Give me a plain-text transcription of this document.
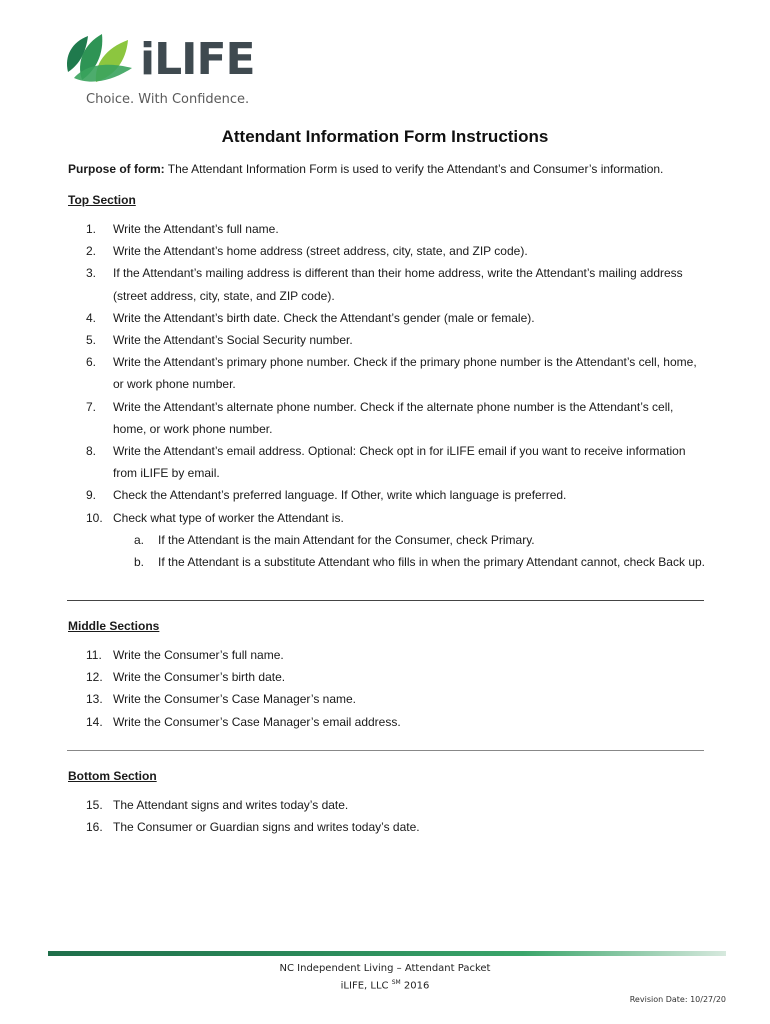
iLIFE
Choice. With Confidence.
Attendant Information Form Instructions
Purpose of form: The Attendant Information Form is used to verify the Attendant’s and Consumer’s information.
Top Section
1.	Write the Attendant’s full name.
2.	Write the Attendant’s home address (street address, city, state, and ZIP code).
3.	If the Attendant’s mailing address is different than their home address, write the Attendant’s mailing address (street address, city, state, and ZIP code).
4.	Write the Attendant’s birth date. Check the Attendant’s gender (male or female).
5.	Write the Attendant’s Social Security number.
6.	Write the Attendant’s primary phone number. Check if the primary phone number is the Attendant’s cell, home, or work phone number.
7.	Write the Attendant’s alternate phone number. Check if the alternate phone number is the Attendant’s cell, home, or work phone number.
8.	Write the Attendant’s email address. Optional: Check opt in for iLIFE email if you want to receive information from iLIFE by email.
9.	Check the Attendant’s preferred language. If Other, write which language is preferred.
10. Check what type of worker the Attendant is.
a.	If the Attendant is the main Attendant for the Consumer, check Primary.
b.	If the Attendant is a substitute Attendant who fills in when the primary Attendant cannot, check Back up.
Middle Sections
11. Write the Consumer’s full name.
12. Write the Consumer’s birth date.
13. Write the Consumer’s Case Manager’s name.
14. Write the Consumer’s Case Manager’s email address.
Bottom Section
15. The Attendant signs and writes today’s date.
16. The Consumer or Guardian signs and writes today’s date.
NC Independent Living – Attendant Packet
iLIFE, LLC ℠ 2016
Revision Date: 10/27/20
